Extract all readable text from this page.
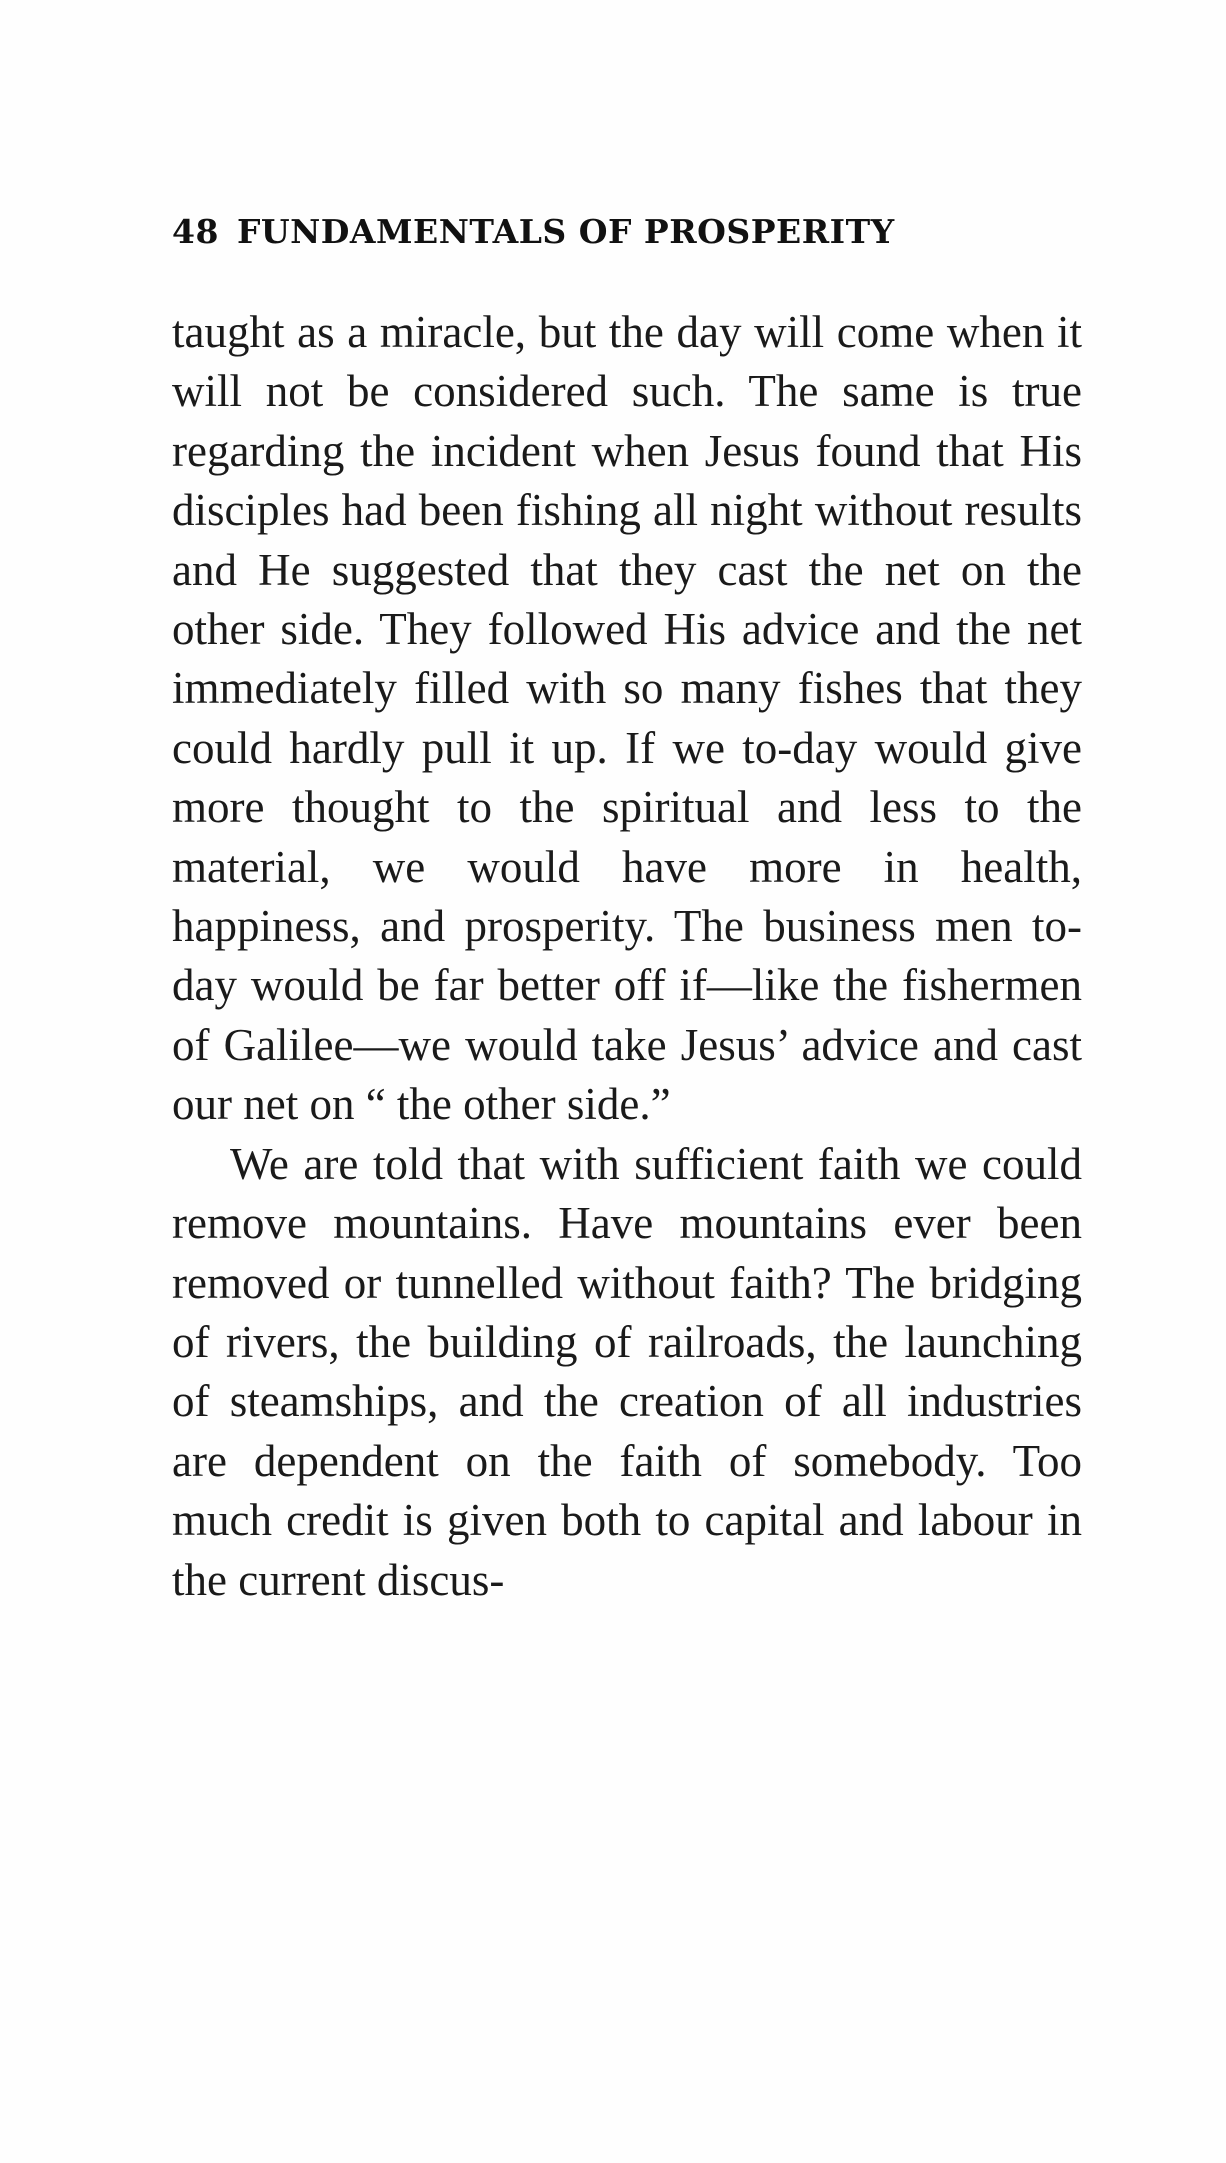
48 FUNDAMENTALS OF PROSPERITY

taught as a miracle, but the day will come when it will not be considered such. The same is true regarding the incident when Jesus found that His disciples had been fishing all night without results and He suggested that they cast the net on the other side. They followed His advice and the net immediately filled with so many fishes that they could hardly pull it up. If we to-day would give more thought to the spiritual and less to the material, we would have more in health, happiness, and prosperity. The business men to-day would be far better off if—like the fishermen of Galilee—we would take Jesus’ advice and cast our net on “ the other side.”

We are told that with sufficient faith we could remove mountains. Have mountains ever been removed or tunnelled without faith? The bridging of rivers, the building of railroads, the launching of steamships, and the creation of all industries are dependent on the faith of somebody. Too much credit is given both to capital and labour in the current discus-
